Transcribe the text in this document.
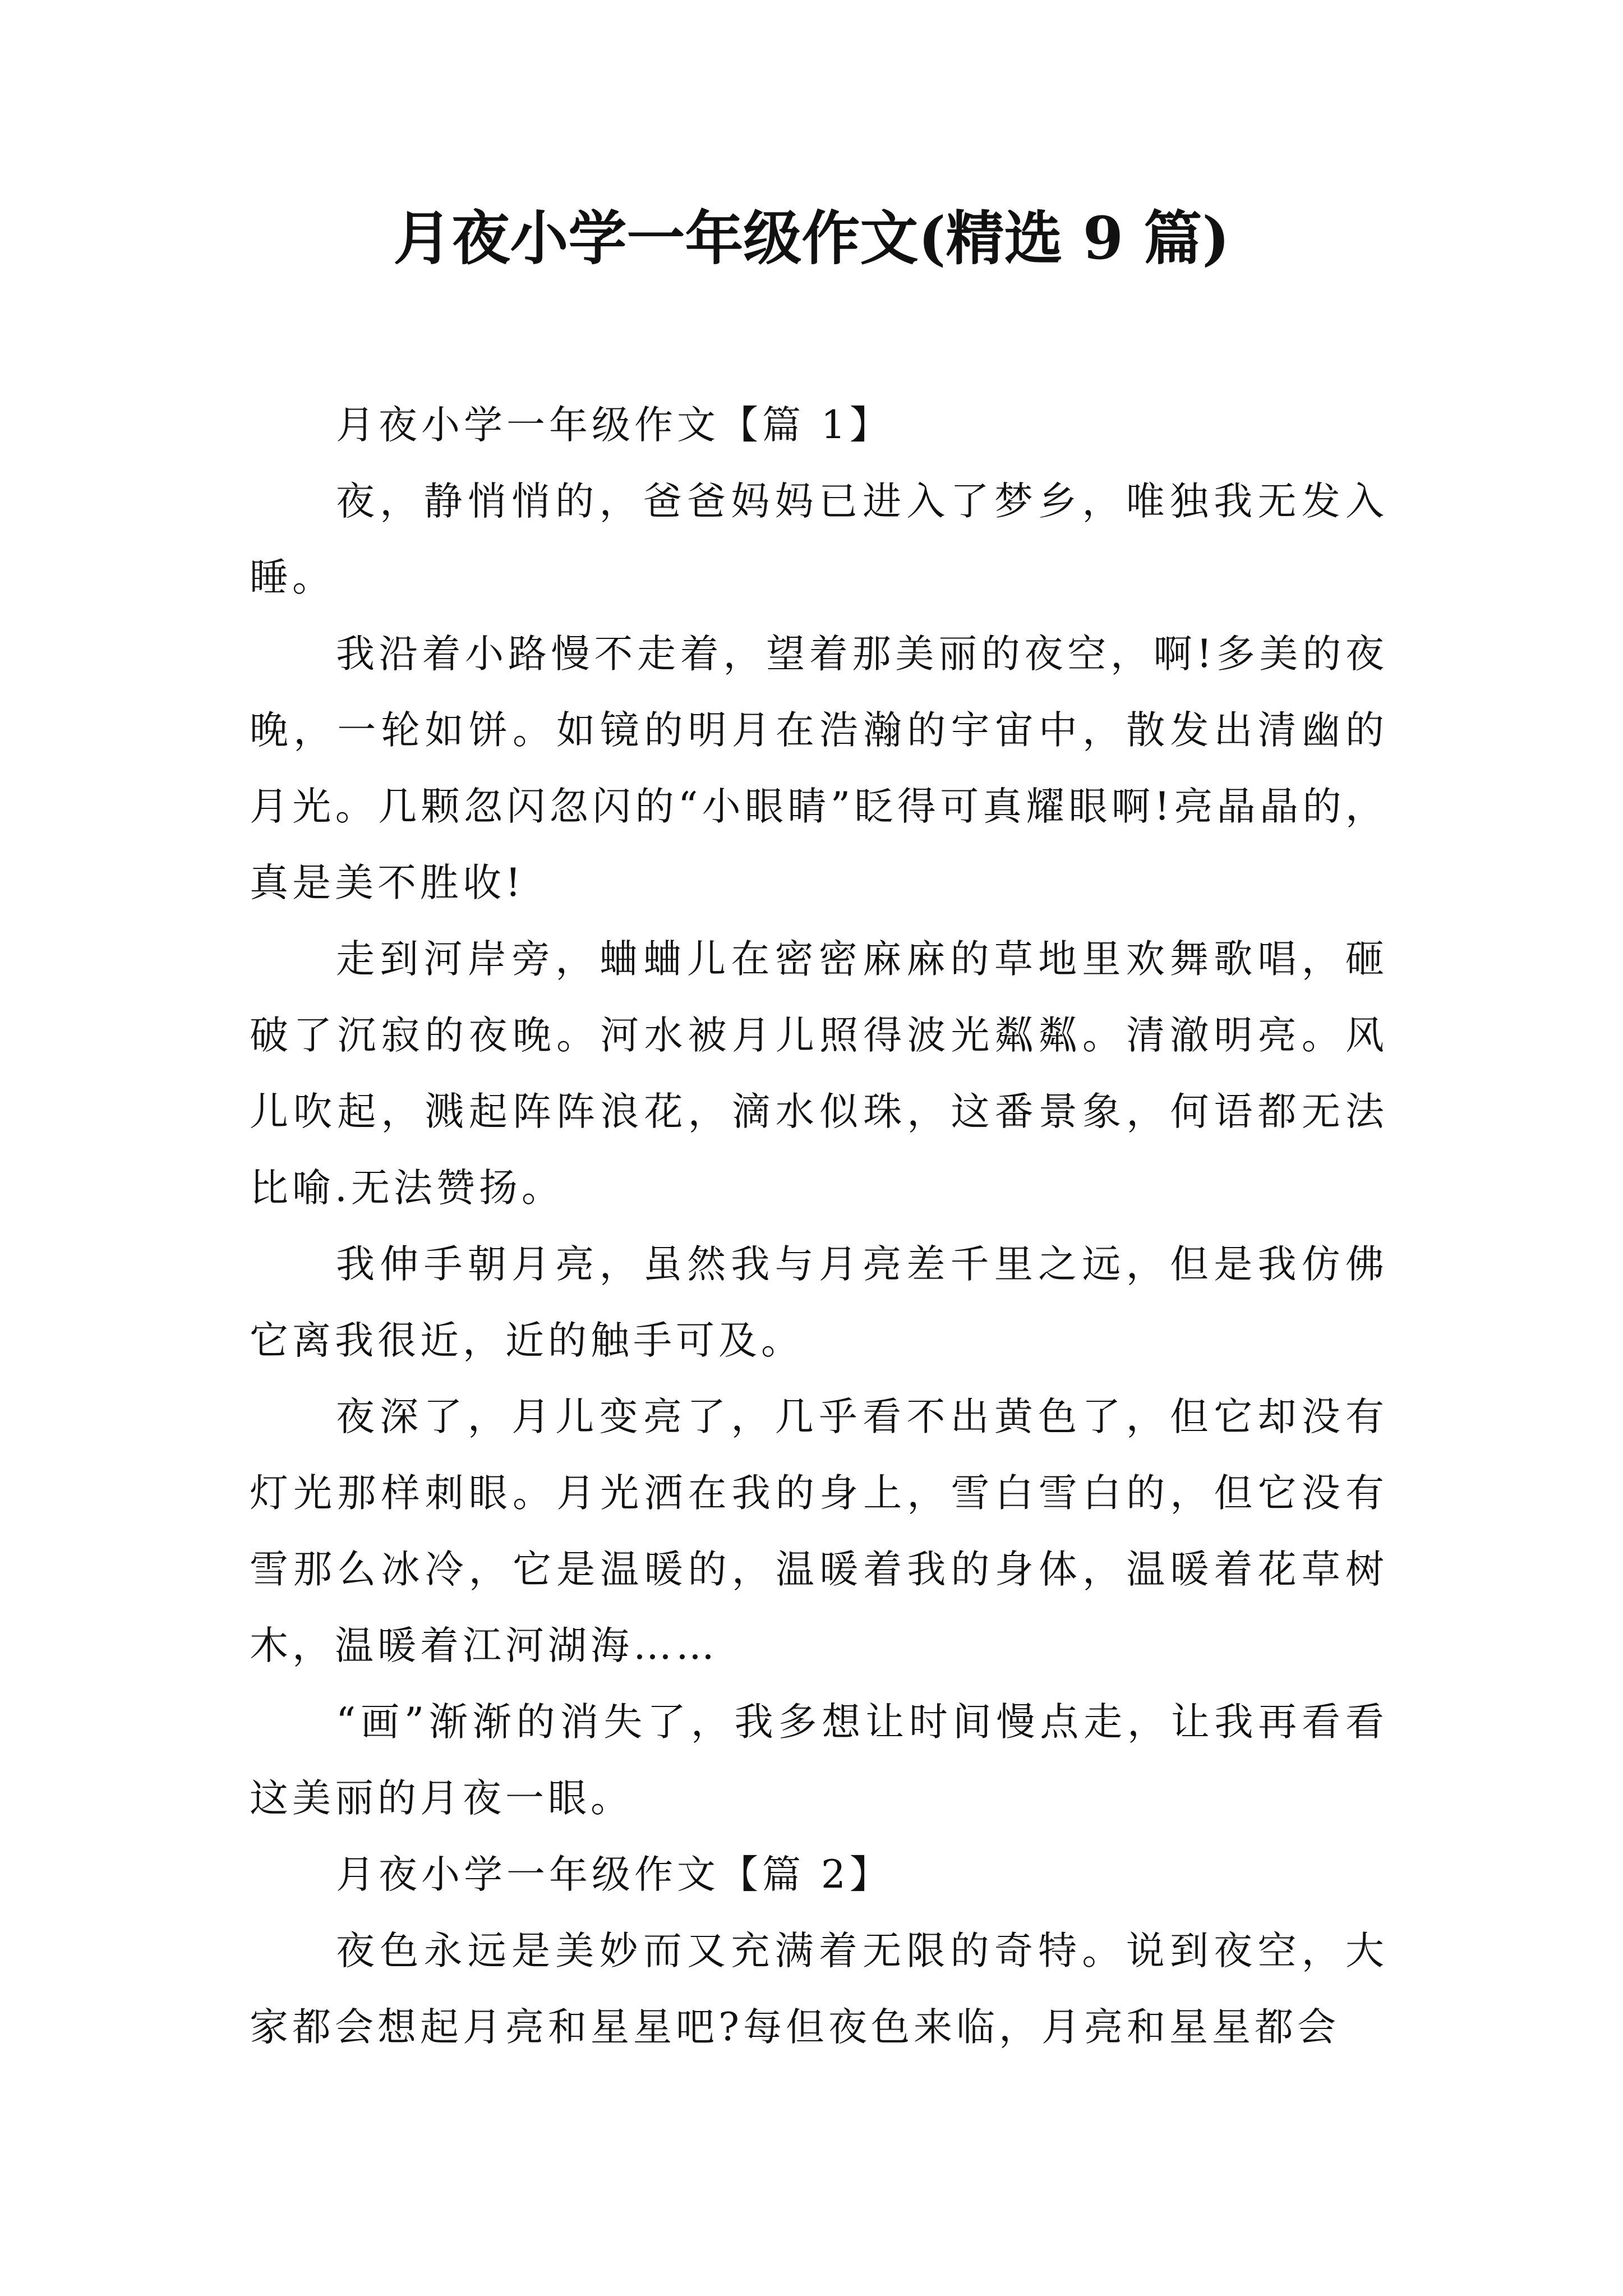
月夜小学一年级作文(精选 9 篇)

月夜小学一年级作文【篇 1】

夜，静悄悄的，爸爸妈妈已进入了梦乡，唯独我无发入睡。

我沿着小路慢不走着，望着那美丽的夜空，啊!多美的夜晚，一轮如饼。如镜的明月在浩瀚的宇宙中，散发出清幽的月光。几颗忽闪忽闪的“小眼睛”眨得可真耀眼啊!亮晶晶的，真是美不胜收!

走到河岸旁，蛐蛐儿在密密麻麻的草地里欢舞歌唱，砸破了沉寂的夜晚。河水被月儿照得波光粼粼。清澈明亮。风儿吹起，溅起阵阵浪花，滴水似珠，这番景象，何语都无法比喻.无法赞扬。

我伸手朝月亮，虽然我与月亮差千里之远，但是我仿佛它离我很近，近的触手可及。

夜深了，月儿变亮了，几乎看不出黄色了，但它却没有灯光那样刺眼。月光洒在我的身上，雪白雪白的，但它没有雪那么冰冷，它是温暖的，温暖着我的身体，温暖着花草树木，温暖着江河湖海……

“画”渐渐的消失了，我多想让时间慢点走，让我再看看这美丽的月夜一眼。

月夜小学一年级作文【篇 2】

夜色永远是美妙而又充满着无限的奇特。说到夜空，大家都会想起月亮和星星吧?每但夜色来临，月亮和星星都会
